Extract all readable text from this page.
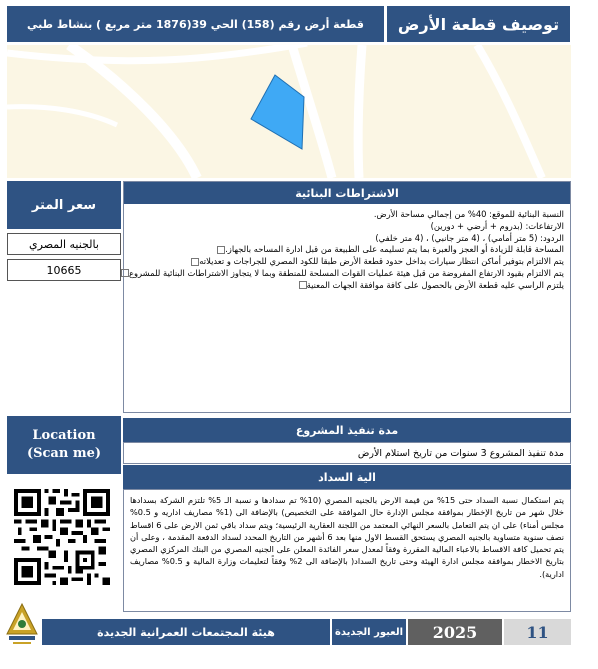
توصيف قطعة الأرض
قطعة أرض رقم (158) الحي 39(1876 متر مربع ) بنشاط طبي
سعر المتر
بالجنيه المصري
10665
الاشتراطات البنائية
النسبة البنائية للموقع: 40% من إجمالي مساحة الأرض.
الارتفاعات: (بدروم + أرضي + دورين)
الردود: (5 متر أمامي) ، (4 متر جانبي) ، (4 متر خلفي)
المساحة قابلة للزيادة أو العجز والعبرة بما يتم تسليمه على الطبيعة من قبل ادارة المساحه بالجهاز.
يتم الالتزام بتوفير أماكن انتظار سيارات بداخل حدود قطعة الأرض طبقا للكود المصري للجراجات و تعديلاته
يتم الالتزام بقيود الارتفاع المفروضة من قبل هيئة عمليات القوات المسلحة للمنطقة وبما لا يتجاوز الاشتراطات البنائية للمشروع
يلتزم الراسي عليه قطعة الأرض بالحصول على كافة موافقة الجهات المعنية
Location
(Scan me)
مدة تنفيذ المشروع
مدة تنفيذ المشروع 3 سنوات من تاريخ استلام الأرض
الية السداد
يتم استكمال نسبة السداد حتى 15% من قيمة الارض بالجنيه المصري (10% تم سدادها و نسبة الـ 5% تلتزم الشركة بسدادها خلال شهر من تاريخ الإخطار بموافقة مجلس الإدارة حال الموافقة على التخصيص) بالإضافة الى (1% مصاريف اداريه و 0.5% مجلس أمناء) على ان يتم التعامل بالسعر النهائي المعتمد من اللجنة العقارية الرئيسية؛ ويتم سداد باقي ثمن الارض على 6 اقساط نصف سنوية متساوية بالجنيه المصري يستحق القسط الاول منها بعد 6 أشهر من التاريخ المحدد لسداد الدفعة المقدمة ، وعلى أن يتم تحميل كافة الاقساط بالاعباء المالية المقررة وفقاً لمعدل سعر الفائدة المعلن على الجنيه المصري من البنك المركزي المصري بتاريخ الاخطار بموافقة مجلس ادارة الهيئة وحتى تاريخ السداد( بالإضافة الى 2% وفقاً لتعليمات وزارة المالية و 0.5% مصاريف ادارية).
هيئة المجتمعات العمرانية الجديدة	العبور الجديدة	2025	11
